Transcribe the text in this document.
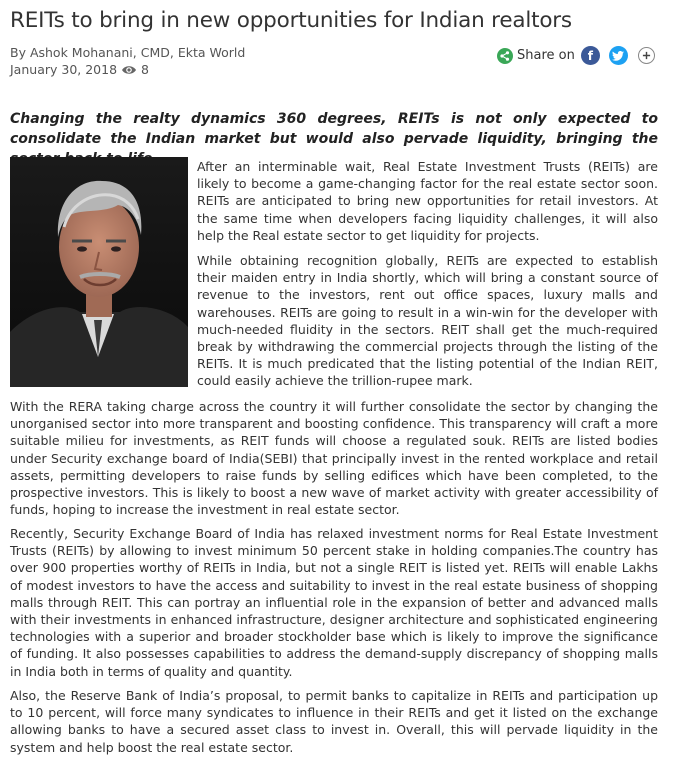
REITs to bring in new opportunities for Indian realtors
By Ashok Mohanani, CMD, Ekta World
January 30, 2018 8
Share on	f
Changing the realty dynamics 360 degrees, REITs is not only expected to consolidate the Indian market but would also pervade liquidity, bringing the

After an interminable wait, Real Estate Investment Trusts (REITs) are likely to become a game-changing factor for the real estate sector soon. REITs are anticipated to bring new opportunities for retail investors. At the same time when developers facing liquidity challenges, it will also help the Real estate sector to get liquidity for projects.

While obtaining recognition globally, REITs are expected to establish their maiden entry in India shortly, which will bring a constant source of revenue to the investors, rent out office spaces, luxury malls and warehouses. REITs are going to result in a win-win for the developer with much-needed fluidity in the sectors. REIT shall get the much-required break by withdrawing the commercial projects through the listing of the REITs. It is much predicated that the listing potential of the Indian REIT, could easily achieve the trillion-rupee mark.

With the RERA taking charge across the country it will further consolidate the sector by changing the unorganised sector into more transparent and boosting confidence. This transparency will craft a more suitable milieu for investments, as REIT funds will choose a regulated souk. REITs are listed bodies under Security exchange board of India(SEBI) that principally invest in the rented workplace and retail assets, permitting developers to raise funds by selling edifices which have been completed, to the prospective investors. This is likely to boost a new wave of market activity with greater accessibility of funds, hoping to increase the investment in real estate sector.

Recently, Security Exchange Board of India has relaxed investment norms for Real Estate Investment Trusts (REITs) by allowing to invest minimum 50 percent stake in holding companies.The country has over 900 properties worthy of REITs in India, but not a single REIT is listed yet. REITs will enable Lakhs of modest investors to have the access and suitability to invest in the real estate business of shopping malls through REIT. This can portray an influential role in the expansion of better and advanced malls with their investments in enhanced infrastructure, designer architecture and sophisticated engineering technologies with a superior and broader stockholder base which is likely to improve the significance of funding. It also possesses capabilities to address the demand-supply discrepancy of shopping malls in India both in terms of quality and quantity.

Also, the Reserve Bank of India’s proposal, to permit banks to capitalize in REITs and participation up to 10 percent, will force many syndicates to influence in their REITs and get it listed on the exchange allowing banks to have a secured asset class to invest in. Overall, this will pervade liquidity in the system and help boost the real estate sector.
